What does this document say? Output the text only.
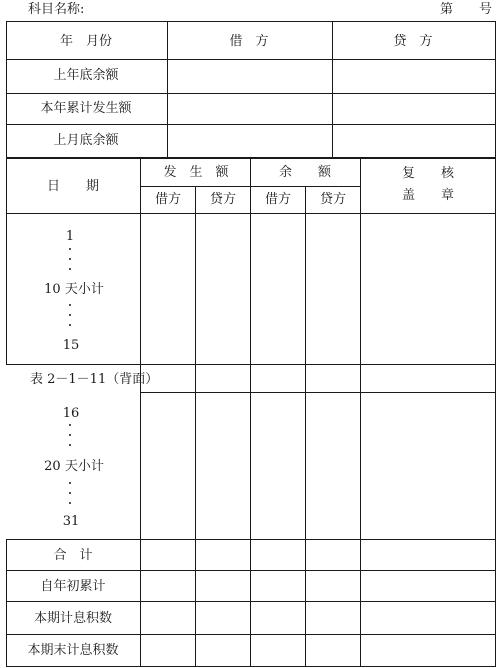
科目名称:	第　　号
年　月份	借　方	贷　方
上年底余额
本年累计发生额
上月底余额
日　　期
发　生　额	余　　额
借方 贷方 借方 贷方
复　　核
盖　　章
1
10 天小计
15
表 2－1－11（背面）
16
20 天小计
31
合　计
自年初累计
本期计息积数
本期末计息积数
